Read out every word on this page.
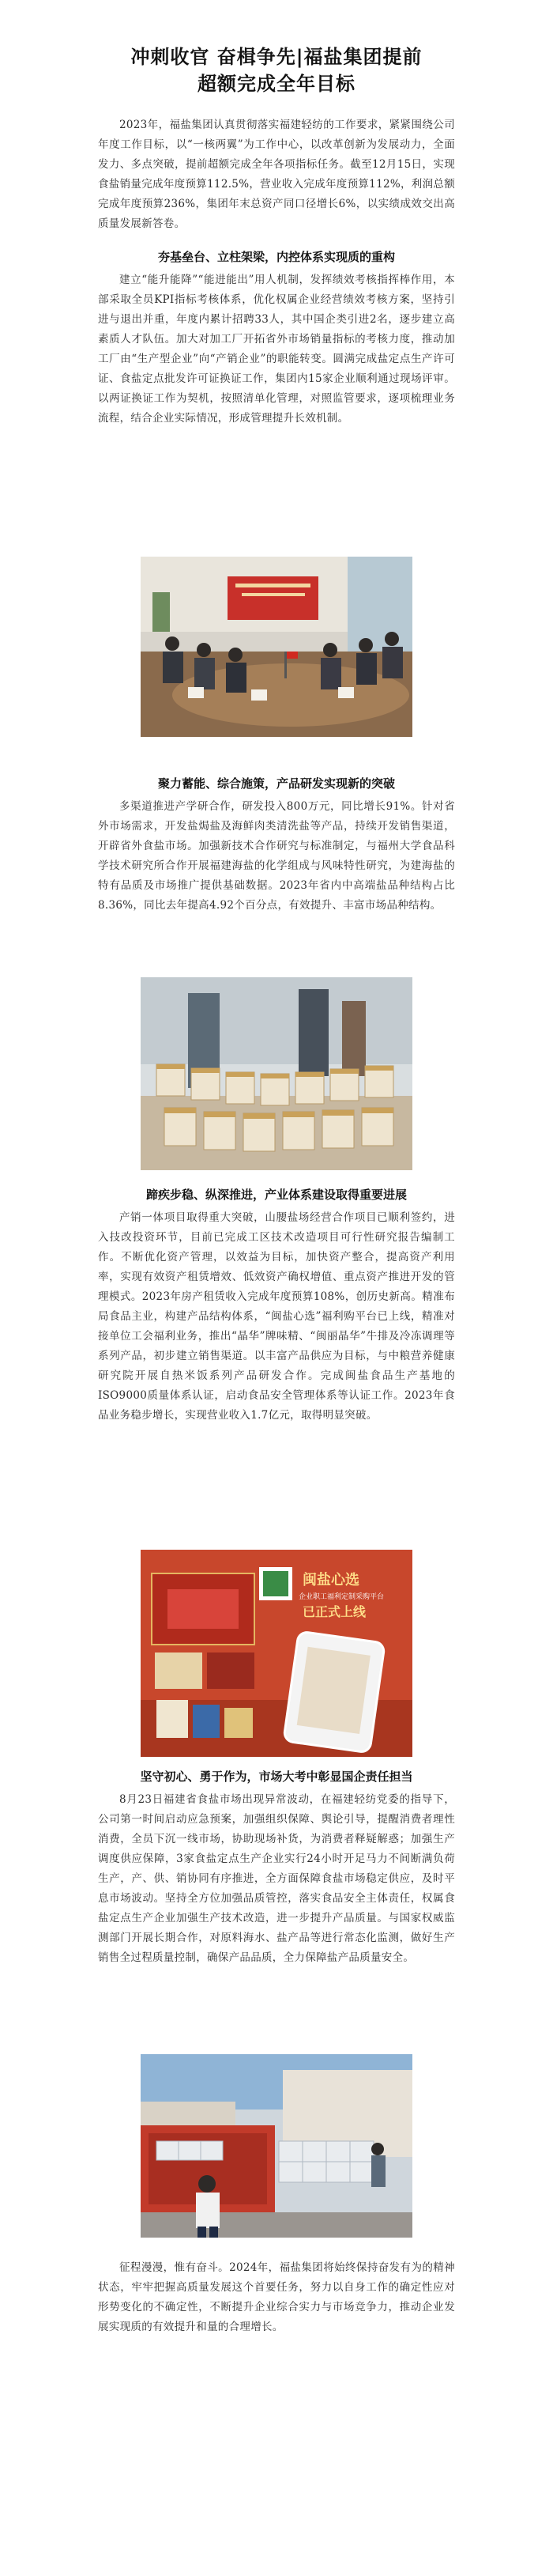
冲刺收官 奋楫争先|福盐集团提前
超额完成全年目标

2023年，福盐集团认真贯彻落实福建轻纺的工作要求，紧紧围绕公司年度工作目标，以“一核两翼”为工作中心，以改革创新为发展动力，全面发力、多点突破，提前超额完成全年各项指标任务。截至12月15日，实现食盐销量完成年度预算112.5%，营业收入完成年度预算112%，利润总额完成年度预算236%，集团年末总资产同口径增长6%，以实绩成效交出高质量发展新答卷。

夯基垒台、立柱架梁，内控体系实现质的重构

建立“能升能降”“能进能出”用人机制，发挥绩效考核指挥棒作用，本部采取全员KPI指标考核体系，优化权属企业经营绩效考核方案，坚持引进与退出并重，年度内累计招聘33人，其中国企类引进2名，逐步建立高素质人才队伍。加大对加工厂开拓省外市场销量指标的考核力度，推动加工厂由“生产型企业”向“产销企业”的职能转变。圆满完成盐定点生产许可证、食盐定点批发许可证换证工作，集团内15家企业顺利通过现场评审。以两证换证工作为契机，按照清单化管理，对照监管要求，逐项梳理业务流程，结合企业实际情况，形成管理提升长效机制。

聚力蓄能、综合施策，产品研发实现新的突破

多渠道推进产学研合作，研发投入800万元，同比增长91%。针对省外市场需求，开发盐焗盐及海鲜肉类清洗盐等产品，持续开发销售渠道，开辟省外食盐市场。加强新技术合作研究与标准制定，与福州大学食品科学技术研究所合作开展福建海盐的化学组成与风味特性研究，为建海盐的特有品质及市场推广提供基础数据。2023年省内中高端盐品种结构占比8.36%，同比去年提高4.92个百分点，有效提升、丰富市场品种结构。

蹄疾步稳、纵深推进，产业体系建设取得重要进展

产销一体项目取得重大突破，山腰盐场经营合作项目已顺利签约，进入技改投资环节，目前已完成工区技术改造项目可行性研究报告编制工作。不断优化资产管理，以效益为目标，加快资产整合，提高资产利用率，实现有效资产租赁增效、低效资产确权增值、重点资产推进开发的管理模式。2023年房产租赁收入完成年度预算108%，创历史新高。精准布局食品主业，构建产品结构体系，“闽盐心选”福利购平台已上线，精准对接单位工会福利业务，推出“晶华”牌味精、“闽丽晶华”牛排及冷冻调理等系列产品，初步建立销售渠道。以丰富产品供应为目标，与中粮营养健康研究院开展自热米饭系列产品研发合作。完成闽盐食品生产基地的ISO9000质量体系认证，启动食品安全管理体系等认证工作。2023年食品业务稳步增长，实现营业收入1.7亿元，取得明显突破。

闽盐心选
企业职工福利定制采购平台
已正式上线
坚守初心、勇于作为，市场大考中彰显国企责任担当

8月23日福建省食盐市场出现异常波动，在福建轻纺党委的指导下，公司第一时间启动应急预案，加强组织保障、舆论引导，提醒消费者理性消费，全员下沉一线市场，协助现场补货，为消费者释疑解惑；加强生产调度供应保障，3家食盐定点生产企业实行24小时开足马力不间断满负荷生产，产、供、销协同有序推进，全方面保障食盐市场稳定供应，及时平息市场波动。坚持全方位加强品质管控，落实食品安全主体责任，权属食盐定点生产企业加强生产技术改造，进一步提升产品质量。与国家权威监测部门开展长期合作，对原料海水、盐产品等进行常态化监测，做好生产销售全过程质量控制，确保产品品质，全力保障盐产品质量安全。

征程漫漫，惟有奋斗。2024年，福盐集团将始终保持奋发有为的精神状态，牢牢把握高质量发展这个首要任务，努力以自身工作的确定性应对形势变化的不确定性，不断提升企业综合实力与市场竞争力，推动企业发展实现质的有效提升和量的合理增长。
